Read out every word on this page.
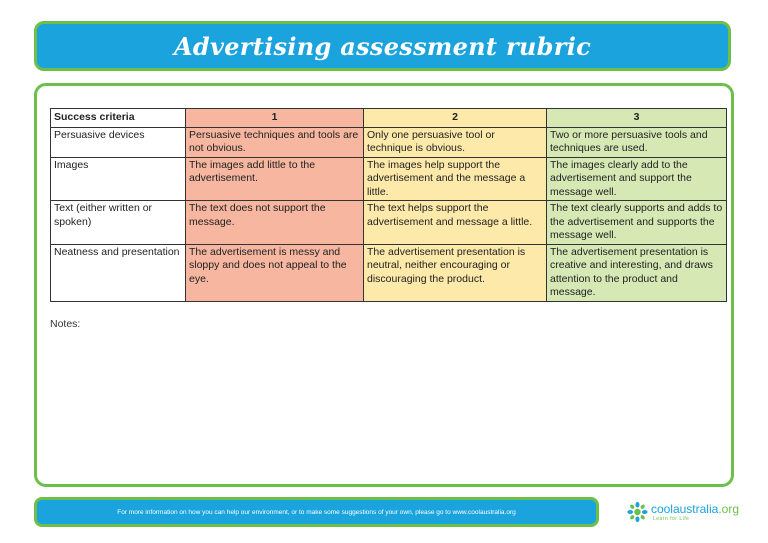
Advertising assessment rubric
Success criteria	1	2	3
Persuasive devices	Persuasive techniques and tools are not obvious.	Only one persuasive tool or technique is obvious.	Two or more persuasive tools and techniques are used.
Images	The images add little to the advertisement.	The images help support the advertisement and the message a little.	The images clearly add to the advertisement and support the message well.
Text (either written or spoken)	The text does not support the message.	The text helps support the advertisement and message a little.	The text clearly supports and adds to the advertisement and supports the message well.
Neatness and presentation	The advertisement is messy and sloppy and does not appeal to the eye.	The advertisement presentation is neutral, neither encouraging or discouraging the product.	The advertisement presentation is creative and interesting, and draws attention to the product and message.
Notes:
For more information on how you can help our environment, or to make some suggestions of your own, please go to www.coolaustralia.org	coolaustralia.org
Learn for Life
